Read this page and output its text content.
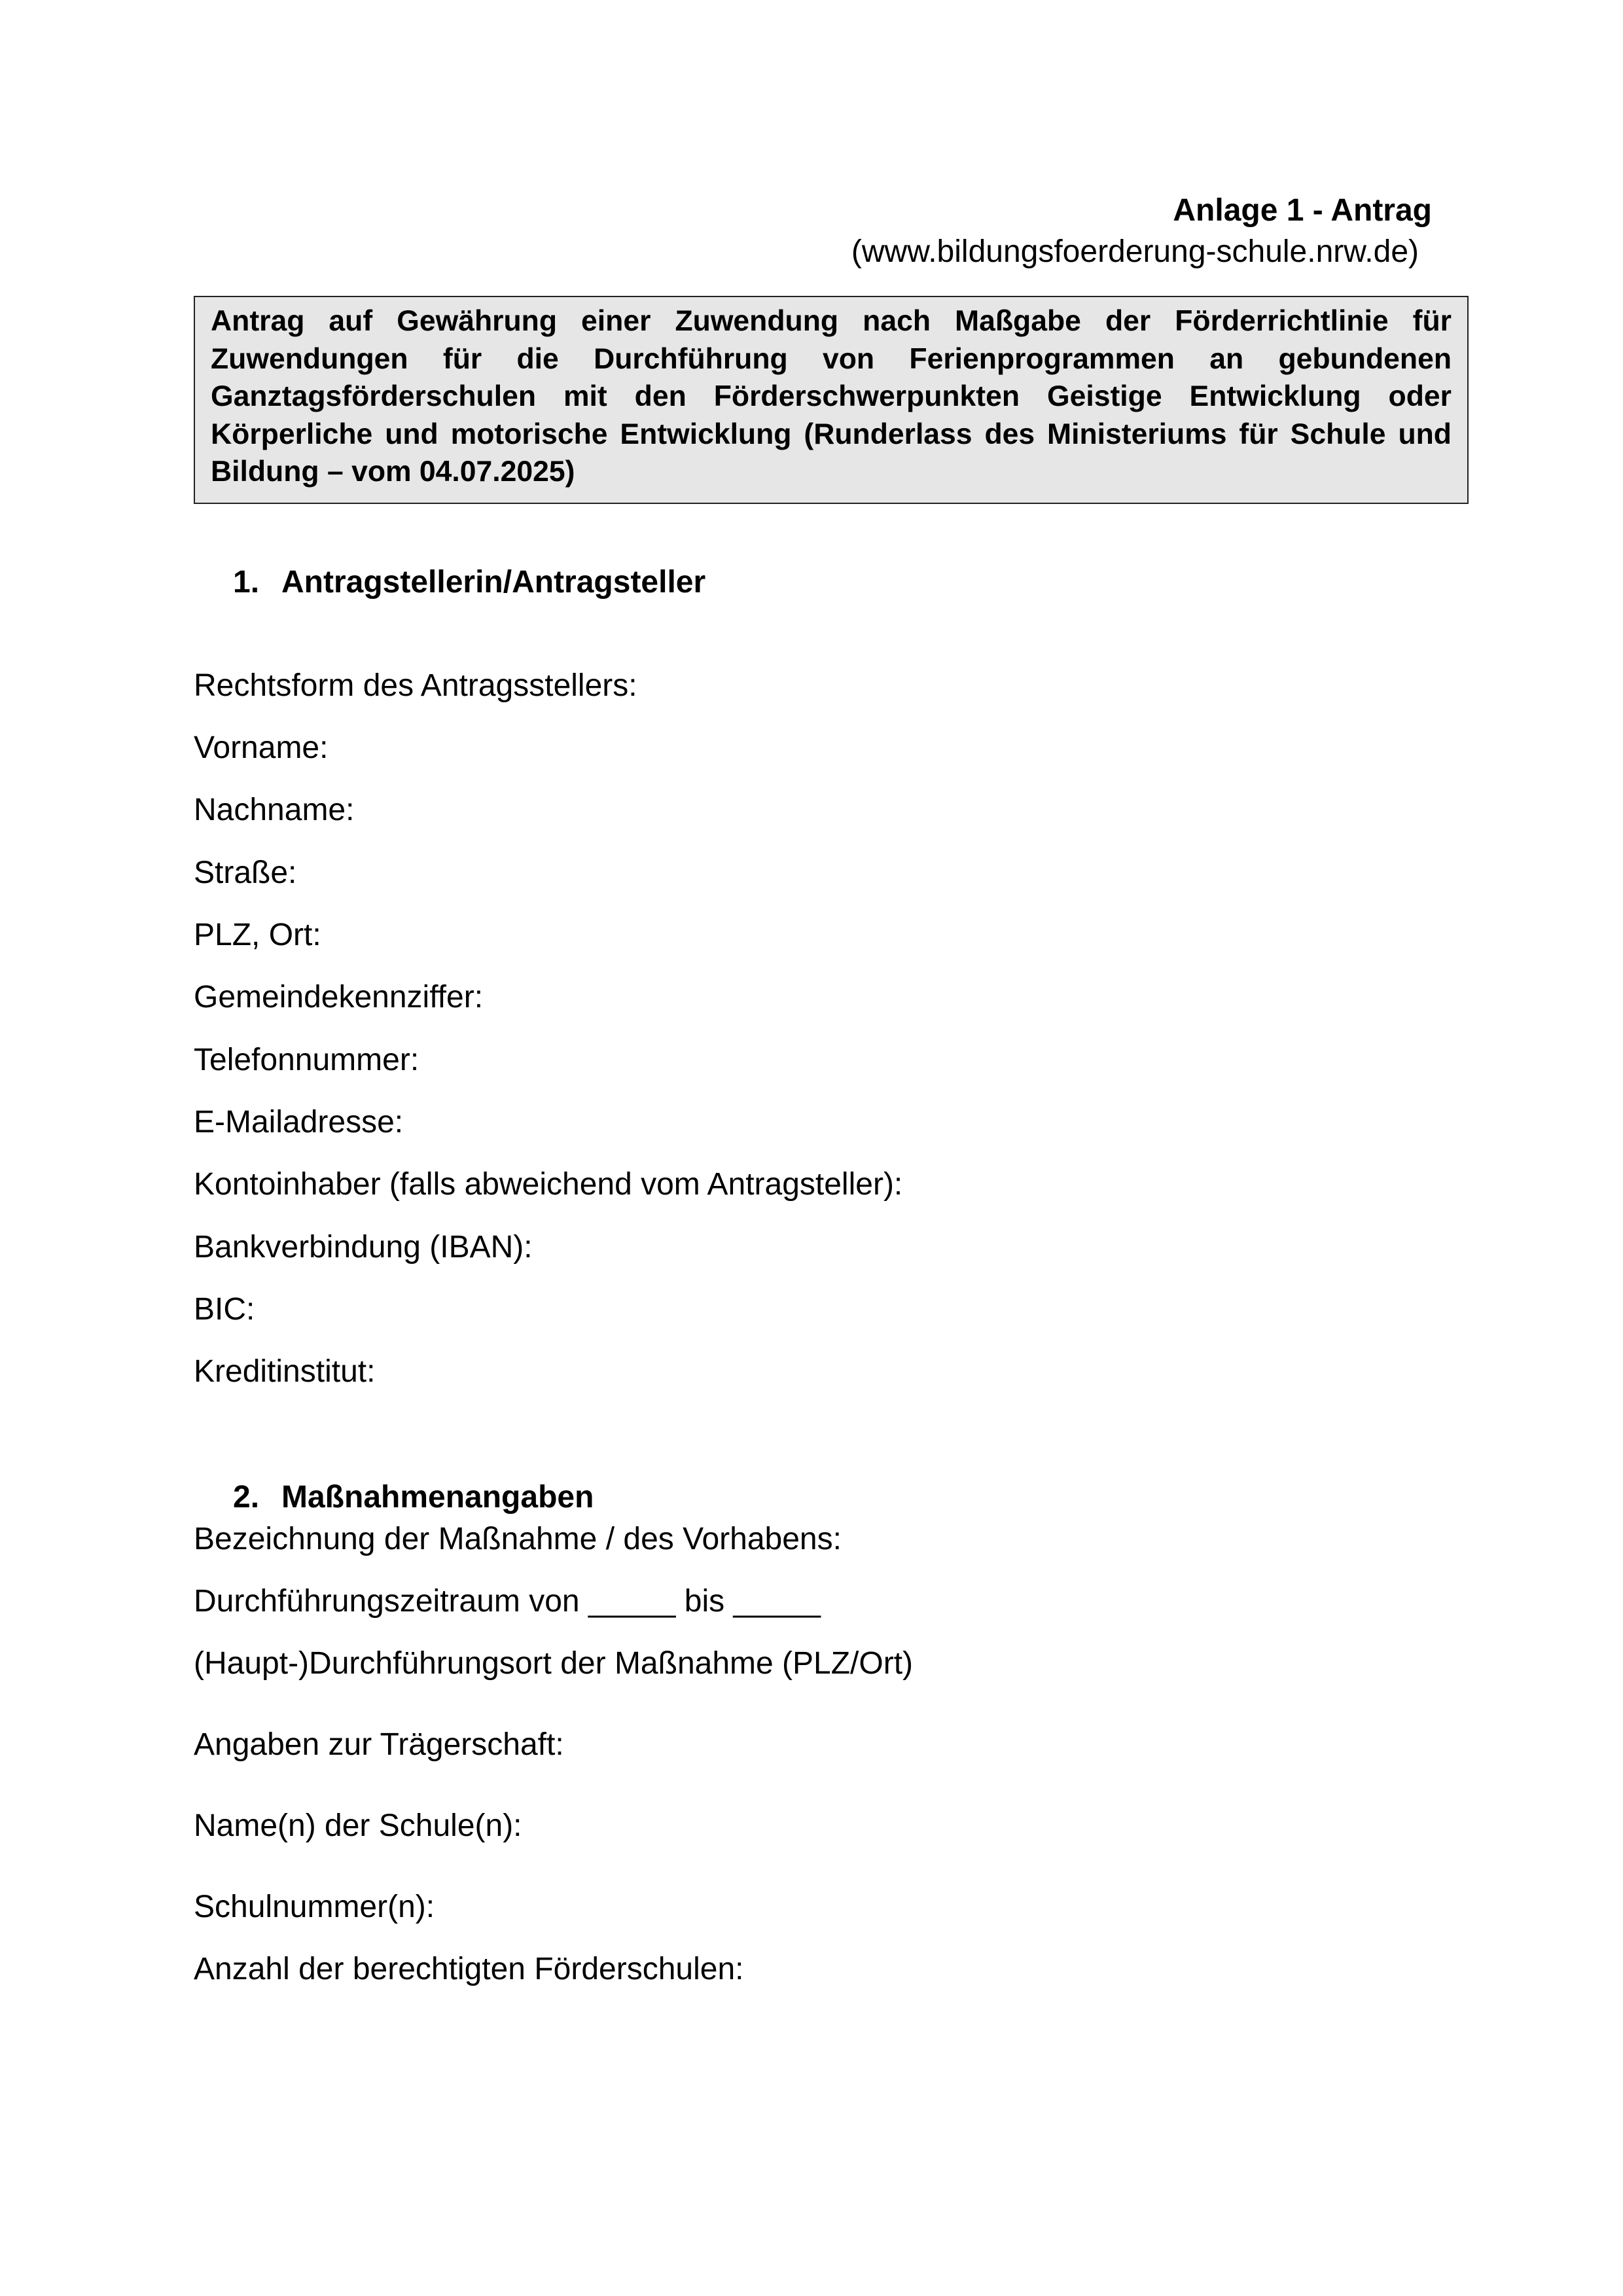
Anlage 1 - Antrag
(www.bildungsfoerderung-schule.nrw.de)
Antrag auf Gewährung einer Zuwendung nach Maßgabe der Förderrichtlinie für
Zuwendungen für die Durchführung von Ferienprogrammen an gebundenen
Ganztagsförderschulen mit den Förderschwerpunkten Geistige Entwicklung oder
Körperliche und motorische Entwicklung (Runderlass des Ministeriums für Schule und
Bildung – vom 04.07.2025)
1. Antragstellerin/Antragsteller
Rechtsform des Antragsstellers:
Vorname:
Nachname:
Straße:
PLZ, Ort:
Gemeindekennziffer:
Telefonnummer:
E-Mailadresse:
Kontoinhaber (falls abweichend vom Antragsteller):
Bankverbindung (IBAN):
BIC:
Kreditinstitut:
2. Maßnahmenangaben
Bezeichnung der Maßnahme / des Vorhabens:
Durchführungszeitraum von _____ bis _____
(Haupt-)Durchführungsort der Maßnahme (PLZ/Ort)
Angaben zur Trägerschaft:
Name(n) der Schule(n):
Schulnummer(n):
Anzahl der berechtigten Förderschulen:
